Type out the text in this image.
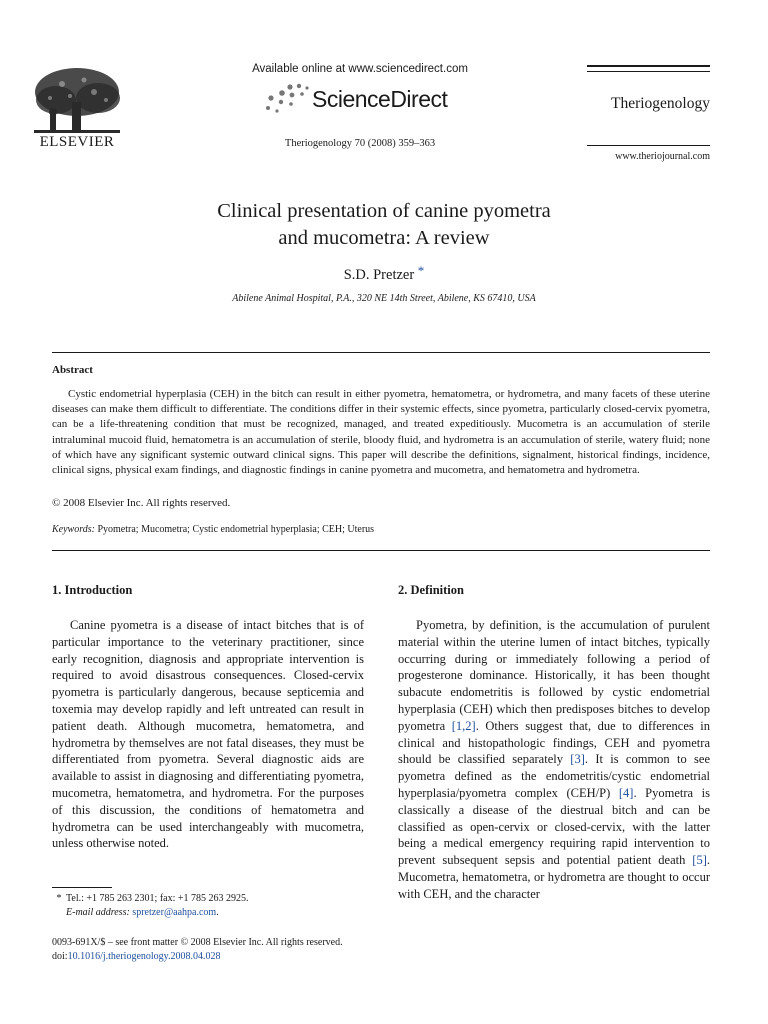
ELSEVIER
Available online at www.sciencedirect.com
ScienceDirect
Theriogenology 70 (2008) 359–363
Theriogenology
www.theriojournal.com
Clinical presentation of canine pyometra
and mucometra: A review
S.D. Pretzer *
Abilene Animal Hospital, P.A., 320 NE 14th Street, Abilene, KS 67410, USA
Abstract
Cystic endometrial hyperplasia (CEH) in the bitch can result in either pyometra, hematometra, or hydrometra, and many facets of these uterine diseases can make them difficult to differentiate. The conditions differ in their systemic effects, since pyometra, particularly closed-cervix pyometra, can be a life-threatening condition that must be recognized, managed, and treated expeditiously. Mucometra is an accumulation of sterile intraluminal mucoid fluid, hematometra is an accumulation of sterile, bloody fluid, and hydrometra is an accumulation of sterile, watery fluid; none of which have any significant systemic outward clinical signs. This paper will describe the definitions, signalment, historical findings, incidence, clinical signs, physical exam findings, and diagnostic findings in canine pyometra and mucometra, and hematometra and hydrometra.
© 2008 Elsevier Inc. All rights reserved.
Keywords: Pyometra; Mucometra; Cystic endometrial hyperplasia; CEH; Uterus
1. Introduction	2. Definition
Canine pyometra is a disease of intact bitches that is of particular importance to the veterinary practitioner, since early recognition, diagnosis and appropriate intervention is required to avoid disastrous consequences. Closed-cervix pyometra is particularly dangerous, because septicemia and toxemia may develop rapidly and left untreated can result in patient death. Although mucometra, hematometra, and hydrometra by themselves are not fatal diseases, they must be differentiated from pyometra. Several diagnostic aids are available to assist in diagnosing and differentiating pyometra, mucometra, hematometra, and hydrometra. For the purposes of this discussion, the conditions of hematometra and hydrometra can be used interchangeably with mucometra, unless otherwise noted.
Pyometra, by definition, is the accumulation of purulent material within the uterine lumen of intact bitches, typically occurring during or immediately following a period of progesterone dominance. Historically, it has been thought subacute endometritis is followed by cystic endometrial hyperplasia (CEH) which then predisposes bitches to develop pyometra [1,2]. Others suggest that, due to differences in clinical and histopathologic findings, CEH and pyometra should be classified separately [3]. It is common to see pyometra defined as the endometritis/cystic endometrial hyperplasia/pyometra complex (CEH/P) [4]. Pyometra is classically a disease of the diestrual bitch and can be classified as open-cervix or closed-cervix, with the latter being a medical emergency requiring rapid intervention to prevent subsequent sepsis and potential patient death [5]. Mucometra, hematometra, or hydrometra are thought to occur with CEH, and the character
* Tel.: +1 785 263 2301; fax: +1 785 263 2925.
E-mail address: spretzer@aahpa.com.
0093-691X/$ – see front matter © 2008 Elsevier Inc. All rights reserved.
doi:10.1016/j.theriogenology.2008.04.028
